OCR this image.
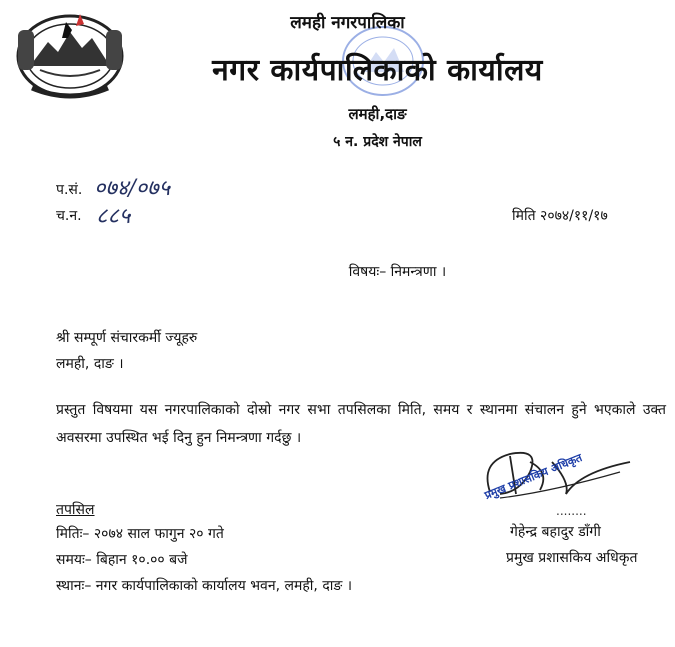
लमही नगरपालिका
नगर कार्यपालिकाको कार्यालय
लमही,दाङ
५ न. प्रदेश नेपाल
प.सं. ०७४/०७५
च.न. ८८५	मिति २०७४/११/१७
विषयः– निमन्त्रणा ।
श्री सम्पूर्ण संचारकर्मी ज्यूहरु
लमही, दाङ ।
प्रस्तुत विषयमा यस नगरपालिकाको दोस्रो नगर सभा तपसिलका मिति, समय र स्थानमा संचालन हुने भएकाले उक्त अवसरमा उपस्थित भई दिनु हुन निमन्त्रणा गर्दछु ।
तपसिल
मितिः– २०७४ साल फागुन २० गते
समयः– बिहान १०.०० बजे
स्थानः– नगर कार्यपालिकाको कार्यालय भवन, लमही, दाङ ।
प्रमुख प्रशासकिय अधिकृत
........
गेहेन्द्र बहादुर डाँगी
प्रमुख प्रशासकिय अधिकृत
